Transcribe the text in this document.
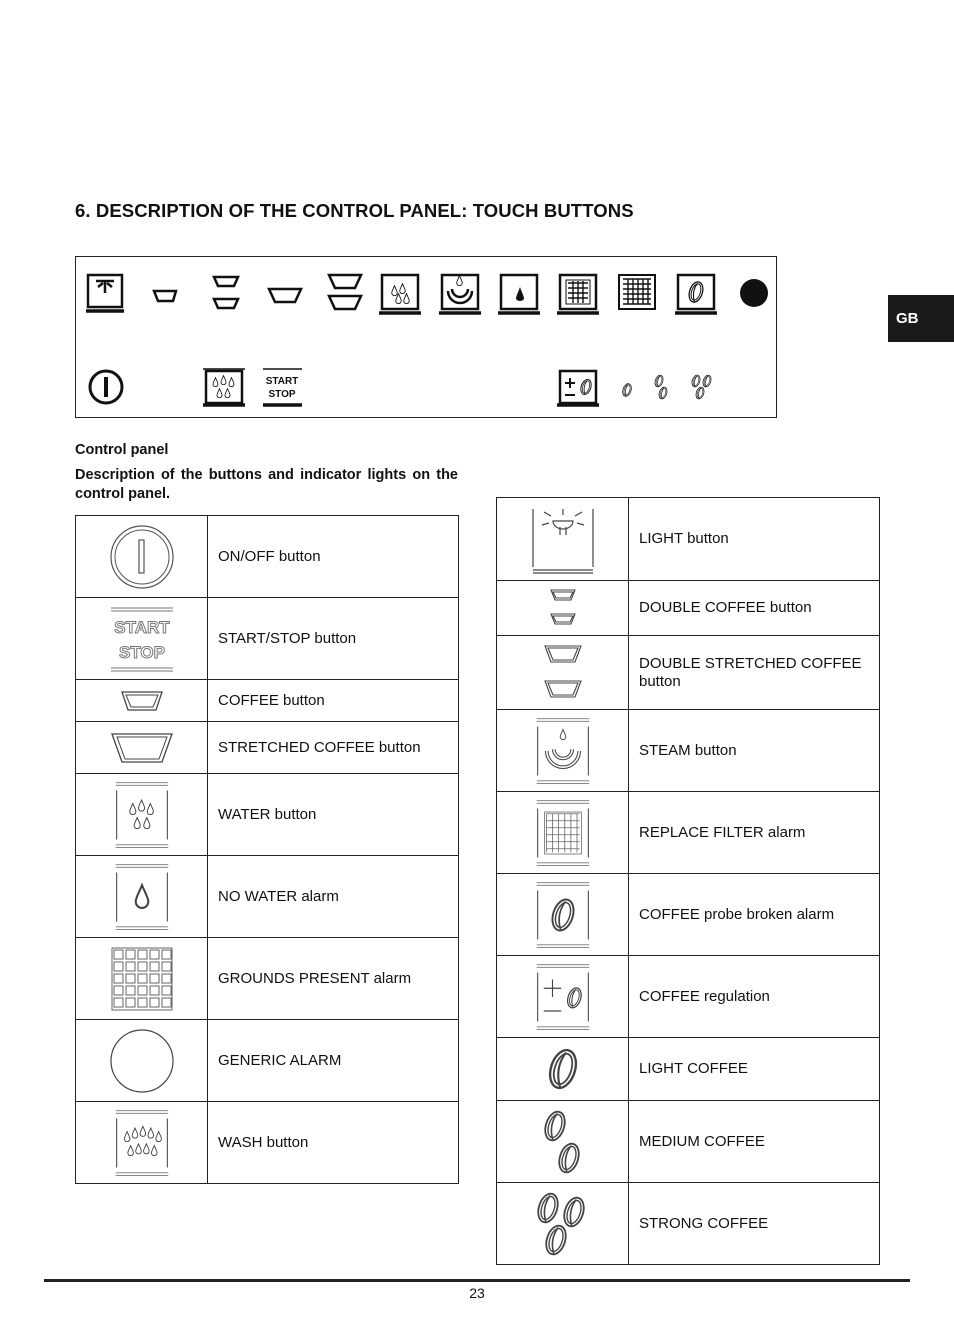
6. DESCRIPTION OF THE CONTROL PANEL: TOUCH BUTTONS
GB
START
STOP
Control panel
Description of the buttons and indicator lights on the control panel.
	ON/OFF button

START
STOP	START/STOP button

	COFFEE button

	STRETCHED COFFEE button

	WATER button

	NO WATER alarm

	GROUNDS PRESENT alarm

	GENERIC ALARM

	WASH button
	LIGHT button

	DOUBLE COFFEE button

	DOUBLE STRETCHED COFFEE button

	STEAM button

	REPLACE FILTER alarm

	COFFEE probe broken alarm

	COFFEE regulation

	LIGHT COFFEE

	MEDIUM COFFEE

	STRONG COFFEE
23
